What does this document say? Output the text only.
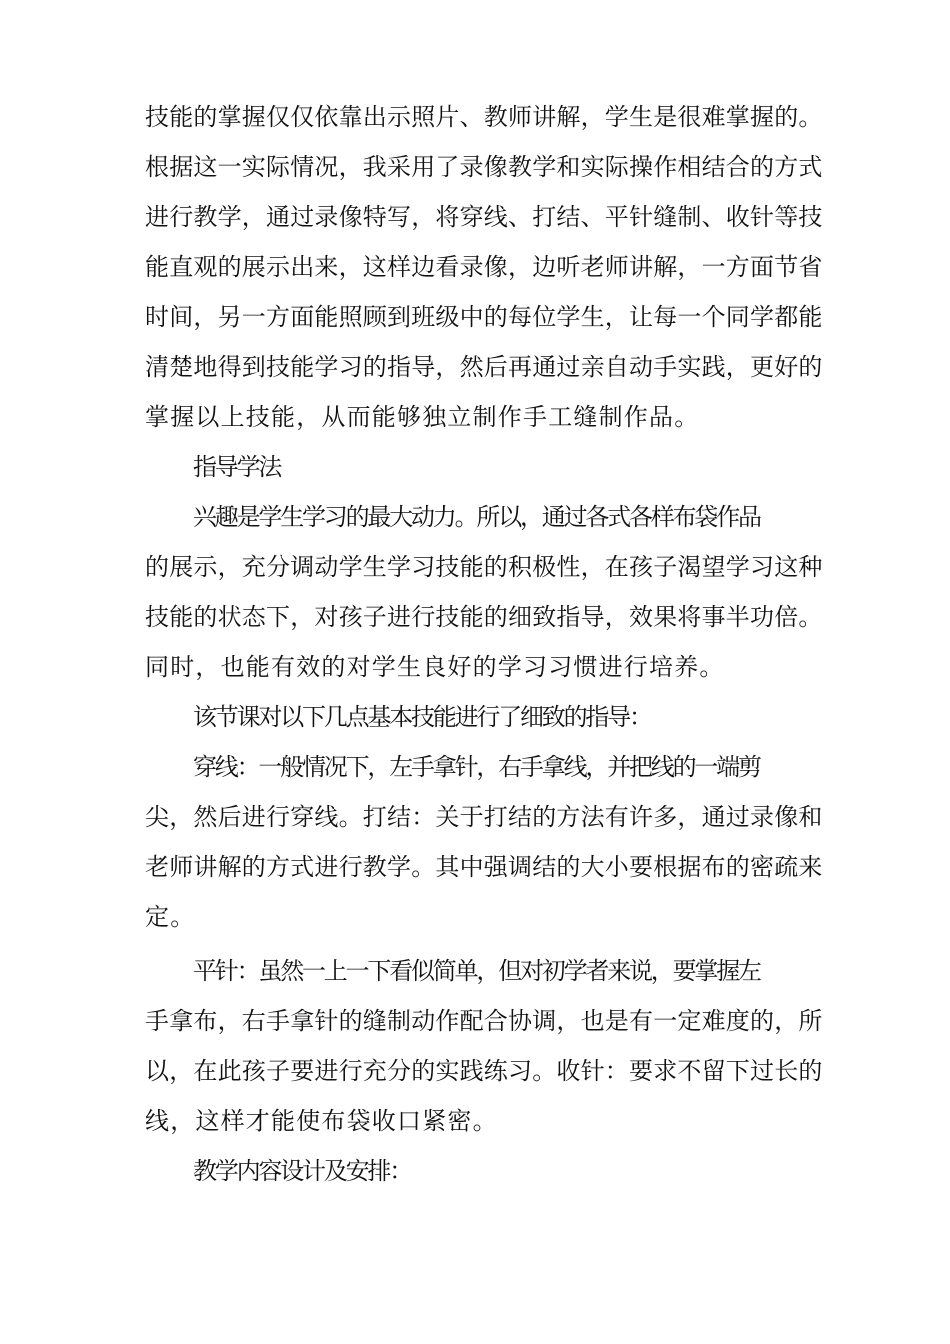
技能的掌握仅仅依靠出示照片、教师讲解，学生是很难掌握的。
根据这一实际情况，我采用了录像教学和实际操作相结合的方式
进行教学，通过录像特写，将穿线、打结、平针缝制、收针等技
能直观的展示出来，这样边看录像，边听老师讲解，一方面节省
时间，另一方面能照顾到班级中的每位学生，让每一个同学都能
清楚地得到技能学习的指导，然后再通过亲自动手实践，更好的
掌握以上技能，从而能够独立制作手工缝制作品。
指导学法
兴趣是学生学习的最大动力。所以，通过各式各样布袋作品
的展示，充分调动学生学习技能的积极性，在孩子渴望学习这种
技能的状态下，对孩子进行技能的细致指导，效果将事半功倍。
同时，也能有效的对学生良好的学习习惯进行培养。
该节课对以下几点基本技能进行了细致的指导：
穿线：一般情况下，左手拿针，右手拿线，并把线的一端剪
尖，然后进行穿线。打结：关于打结的方法有许多，通过录像和
老师讲解的方式进行教学。其中强调结的大小要根据布的密疏来
定。
平针：虽然一上一下看似简单，但对初学者来说，要掌握左
手拿布，右手拿针的缝制动作配合协调，也是有一定难度的，所
以，在此孩子要进行充分的实践练习。收针：要求不留下过长的
线，这样才能使布袋收口紧密。
教学内容设计及安排：
